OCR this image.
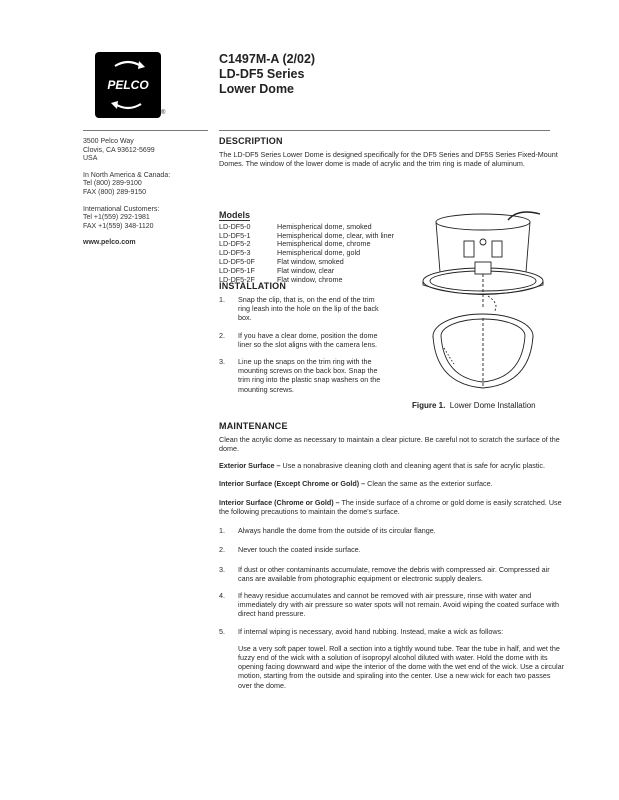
PELCO
®
C1497M-A (2/02)
LD-DF5 Series
Lower Dome

3500 Pelco Way

Clovis, CA 93612-5699

USA

In North America & Canada:

Tel (800) 289-9100

FAX (800) 289-9150

International Customers:

Tel +1(559) 292-1981

FAX +1(559) 348-1120

www.pelco.com

DESCRIPTION
The LD-DF5 Series Lower Dome is designed specifically for the DF5 Series and DF5S Series Fixed-Mount Domes. The window of the lower dome is made of acrylic and the trim ring is made of aluminum.
Models
LD-DF5-0	Hemispherical dome, smoked
LD-DF5-1	Hemispherical dome, clear, with liner
LD-DF5-2	Hemispherical dome, chrome
LD-DF5-3	Hemispherical dome, gold
LD-DF5-0F	Flat window, smoked
LD-DF5-1F	Flat window, clear
LD-DF5-2F	Flat window, chrome
INSTALLATION
1.	Snap the clip, that is, on the end of the trim ring leash into the hole on the lip of the back box.
2.	If you have a clear dome, position the dome liner so the slot aligns with the camera lens.
3.	Line up the snaps on the trim ring with the mounting screws on the back box. Snap the trim ring into the plastic snap washers on the mounting screws.
Figure 1. Lower Dome Installation
MAINTENANCE
Clean the acrylic dome as necessary to maintain a clear picture. Be careful not to scratch the surface of the dome.
Exterior Surface – Use a nonabrasive cleaning cloth and cleaning agent that is safe for acrylic plastic.
Interior Surface (Except Chrome or Gold) – Clean the same as the exterior surface.
Interior Surface (Chrome or Gold) – The inside surface of a chrome or gold dome is easily scratched. Use the following precautions to maintain the dome's surface.
1.	Always handle the dome from the outside of its circular flange.
2.	Never touch the coated inside surface.
3.	If dust or other contaminants accumulate, remove the debris with compressed air. Compressed air cans are available from photographic equipment or electronic supply dealers.
4.	If heavy residue accumulates and cannot be removed with air pressure, rinse with water and immediately dry with air pressure so water spots will not remain. Avoid wiping the coated surface with direct hand pressure.
5.	If internal wiping is necessary, avoid hand rubbing. Instead, make a wick as follows:
Use a very soft paper towel. Roll a section into a tightly wound tube. Tear the tube in half, and wet the fuzzy end of the wick with a solution of isopropyl alcohol diluted with water. Hold the dome with its opening facing downward and wipe the interior of the dome with the wet end of the wick. Use a circular motion, starting from the outside and spiraling into the center. Use a new wick for each two passes over the dome.
